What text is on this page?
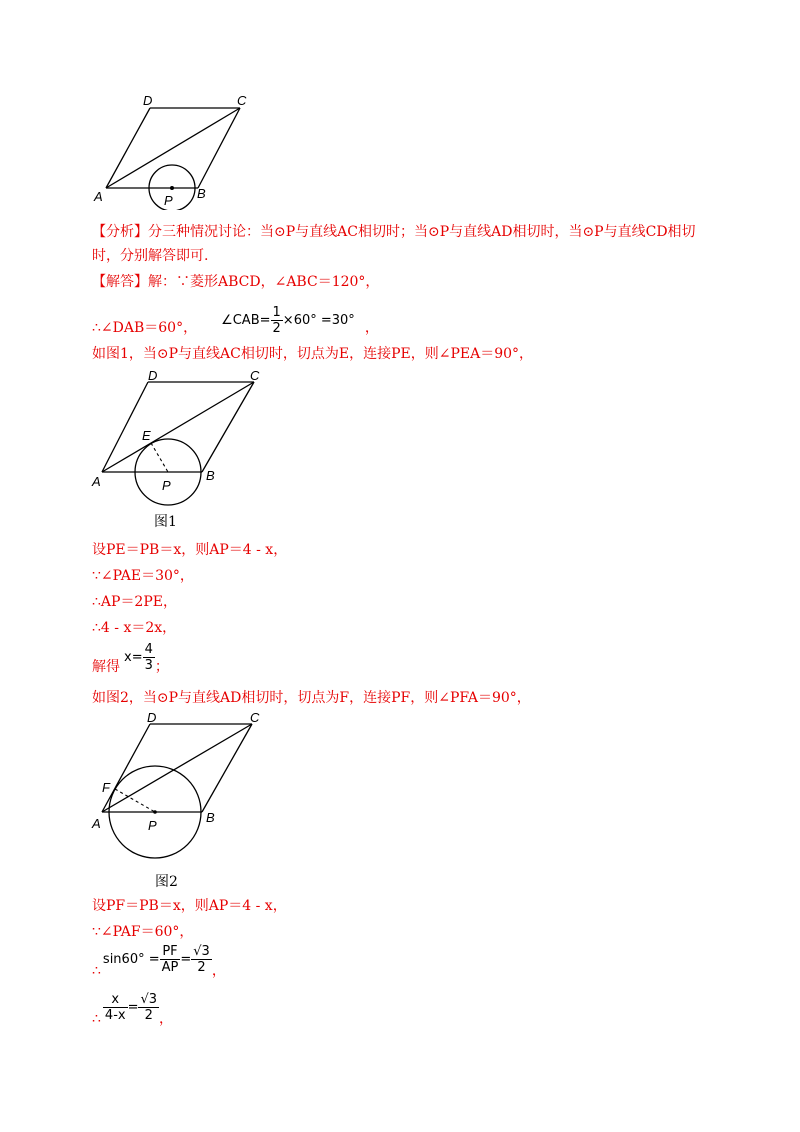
D	C
A	B
P
【分析】分三种情况讨论：当⊙P与直线AC相切时；当⊙P与直线AD相切时，当⊙P与直线CD相切
时，分别解答即可.
【解答】解：∵菱形ABCD，∠ABC＝120°，
∴∠DAB＝60°， ∠CAB= $\frac{1}{2} \times 60^\circ =30^\circ$ ，
如图1，当⊙P与直线AC相切时，切点为E，连接PE，则∠PEA＝90°，
D	C
E
A	B
P
图1
设PE＝PB＝x，则AP＝4 - x，
∵∠PAE＝30°，
∴AP＝2PE，
∴4 - x＝2x，
解得
$x= \frac{4}{3}$ ；
如图2，当⊙P与直线AD相切时，切点为F，连接PF，则∠PFA＝90°，
D	C
F
A	B
P
图2
设PF＝PB＝x，则AP＝4 - x，
∵∠PAF＝60°，
∴
$\sin 60^\circ = \frac{PF}{AP} = \frac{√3}{2}$ ，
∴ $\frac{x}{4-x} = \frac{√3}{2}$ ，
